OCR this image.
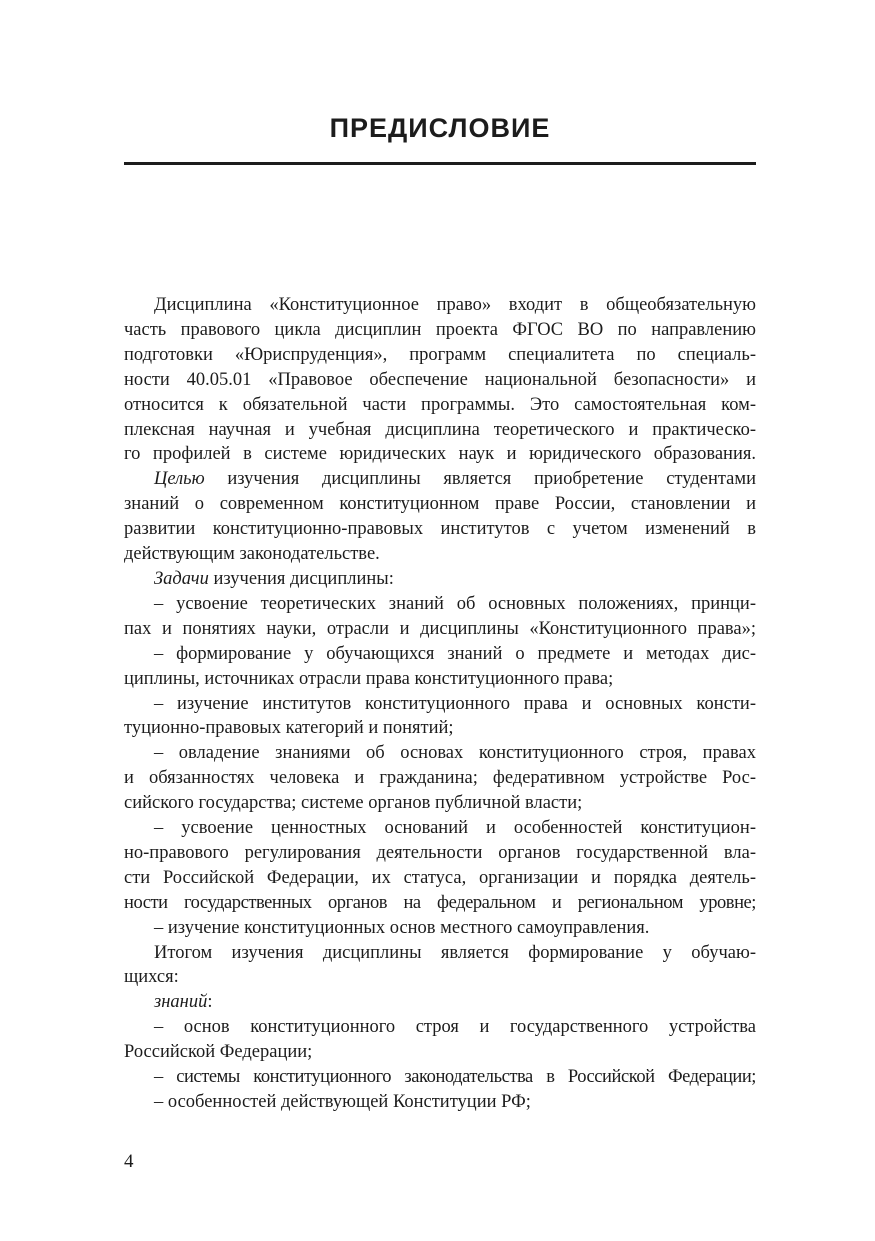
ПРЕДИСЛОВИЕ

Дисциплина «Конституционное право» входит в общеобязательную

часть правового цикла дисциплин проекта ФГОС ВО по направлению

подготовки «Юриспруденция», программ специалитета по специаль-

ности 40.05.01 «Правовое обеспечение национальной безопасности» и

относится к обязательной части программы. Это самостоятельная ком-

плексная научная и учебная дисциплина теоретического и практическо-

го профилей в системе юридических наук и юридического образования.

Целью изучения дисциплины является приобретение студентами

знаний о современном конституционном праве России, становлении и

развитии конституционно-правовых институтов с учетом изменений в

действующим законодательстве.

Задачи изучения дисциплины:

– усвоение теоретических знаний об основных положениях, принци-

пах и понятиях науки, отрасли и дисциплины «Конституционного права»;

– формирование у обучающихся знаний о предмете и методах дис-

циплины, источниках отрасли права конституционного права;

– изучение институтов конституционного права и основных консти-

туционно-правовых категорий и понятий;

– овладение знаниями об основах конституционного строя, правах

и обязанностях человека и гражданина; федеративном устройстве Рос-

сийского государства; системе органов публичной власти;

– усвоение ценностных оснований и особенностей конституцион-

но-правового регулирования деятельности органов государственной вла-

сти Российской Федерации, их статуса, организации и порядка деятель-

ности государственных органов на федеральном и региональном уровне;

– изучение конституционных основ местного самоуправления.

Итогом изучения дисциплины является формирование у обучаю-

щихся:

знаний:

– основ конституционного строя и государственного устройства

Российской Федерации;

– системы конституционного законодательства в Российской Федерации;

– особенностей действующей Конституции РФ;

4
